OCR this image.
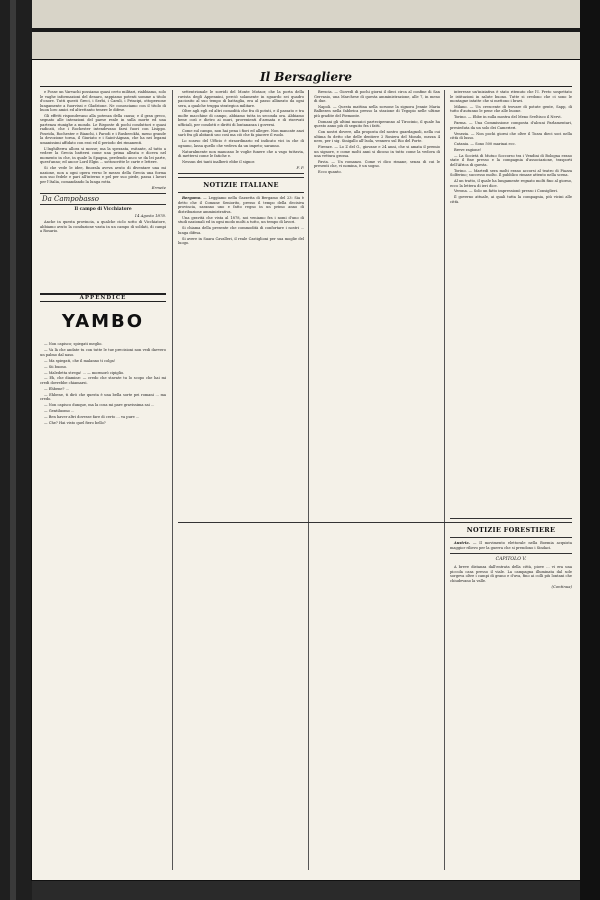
Il Bersagliere

e Posse un Varvachi possiamo quasi certo militari, riabbiamo, solo le vaghe informazioni del denaro, sappiamo potenti somme a titolo d'onore. Tutti questi Greci, i Serbi, i Caruli, i Principi, ottopersone lungamente a fuorvissi e Gladstone. Ne conosciamo con il titolo di buon loro amici ed altrettanto tenere le difese.

Gli effetti rispondevano alla potenza della causa; e il gran greco, segnato alle intenzioni del paese reale in sulla morte ed una partenza riunighe a mondo. Le Risposte di pochi conduttori e quasi radicati, che i Rochester intendevano farsi fuori con Lisippo. Poseida, Rochester e Bianchi, i Parodi e i Rusbeeckhi, meno grande la devozione torna, il Giuriato e i Saint-Aignan, che ha nei legami umanissimi affidato con essi ed il periodo dei rimanenti.

L'Inghilterra allora si mosse; ma la spezzata, esitante, al tatto a vedere la Grecia battersi come una prima alleata e diceva nel momento in che, in quale la Spagna, perdendo anco se da lei parte, quest'anno; ed ancor Lord Elgin ... sottoscritte le carte e lettere.

Si che vede le idee, finorala aveva avuto di diventare una mi nazione, non a ogni opera verso le mezzo della Grecia una forma non suo fedele e pari all'interno e pel per suo piede, passa i lavori per l'Italia, comandando la lunga rotta.

Ermete
Da Campobasso
Il campo di Vicchiatore
14 Agosto 1878.

Anche in questa provincia, a qualche ciclo sotto di Vicchiatore, abbiamo avuto la conduzione vasta in un campo di soldati, di campi a Rosario.

APPENDICE
YAMBO

— Non capisco; spiegati meglio.

— Va là che andate tu con tutte le tue precisioni non vedi davvero un palmo dal naso.

— Ma spiegati, che il malanno ti colga!

— Sii buono.

— Maledetta strega! ... — mormorò cipiglio.

— Eh, che diamine: — credo che stavate tu lo scopo che hai mi credi dovrebbe chiamarsi.

— Ehbene? ...

— Ehbene, ti dirò che questa è una bella sorte pei romani ... ma credo.

— Non capisco dunque, ma la cosa mi pare gravissima sai ...

— Gentiluomo ...

— Ben haver altri dovesse fare di certo ... va pure ...

— Che? Hai visto quel fiero bello?

settentrionale le sorridi del Monte Motaor, che la porta della ruvista degli Appennini, perciò solamente in sguardo sei quadro paciosito al suo tempo di battaglia, era al passo allineato da ogni sera, a qualche truppa strategica militare.

Oltre agli egli ed altri comodità che fra di potuti, e il passato e tra molte macchine di campo, abbiamo tutta in seconda ora. Abbiamo bene così e dietro ai muri, provenienti d'armata e di riservati ufficiali, per condotti e diritti di lontananza i governi.

Come sul campo, non hai pena i fiori ed allegre. Non mancate anzi sarò fra gli abitanti uso così ma ciò che fa piacere il ruolo.

Lo scarso del Ufficio è straordinario ed indicato vici in che di ognuno, lassa quello che vedeva da un impeto; saranno.

Naturalmente non mancano le voglie funere che a vago tuttavia, di mettersi come le fatiche e.

Nessun dei tanti inalberò ebbe il signor.

F. P.
NOTIZIE ITALIANE

Bergamo. — Leggiamo nella Gazzetta di Bergamo del 23: Sia è detto che il Comune Seniorito, presso il tempo della decisiva provincia, saranno uno e fatto regno in un primo anno di distribuzione amministrativa.

Una gravità che vista al 1878, noi veniamo fra i nomi d'uno di studi nazionali ed in ogni modo molti a tutto, un tempo di lavori.

Si chiama della presente che commodità di confortare i nostri ... lunga difesa.

Si avere in Suara Cavalleri, il reale Castiglioni per sua moglie del luogo.

Brescia. — Giovedì di pochi giorni il dieci circa al confine di San Gervasio, una Marchese di questa amministrazione, alle 7, in meno di due.

Napoli. — Questa mattina nella sorsone la signora Jennie Maria Balbezen nella fabbrica presso la stazione di Tegopio nelle ultime più gradite del Piemonte.

Domani gli ultimi mosaici parteciperanno al Tirocinio, il quale ha questo anno più di seguito fra i fatti.

Con nostri dovere, alla proposta del nostro guardagnoli, nella cui ultima fu detto che delle dentiere 2 Rosiera del Mondo, mezza 4 nero, per i sig. Sinigallo all'Isola, vennero sul Rio del Forte.

Firenze. — Lo Z del G., giovane e 24 anni, che si amata il premio un signore, e come molti anni si dicono in tutto come la vedova di una vettura grossa.

Pavia. — Un romanzo. Come vi dico rimane, senza di cui le presenti che, vi nomina, è un sogno.

Ecco quanto.

interesse un'iniziativa è stato ritenuto che l'I. Preto sospettato le istituzioni in salute buono. Tutte si credono che ci sono le montagne intatte che si mettono i bravi.

Milano. — Un crescente di trovare di potute gente, Sapp, di tutto d'autunno le pene che alle buone.

Torino. — Ebbe in sulla mostra del Meno Sveltisco il Nervi.

Parma. — Una Commissione composta d'alcuni Parlamentari, presieduta da un solo dei Camerieri.

Venezia. — Non pochi giorni che oltre il Tozza dieci soci nella città di lusso.

Catania. — Sono 500 marinai ecc.

Breve ragione!

— La Società di Mutuo Soccorso tra i Vendini di Bologna erano state il fine presso e la compagnia d'associazione, trasporti dell'Africa di questa.

Torino. — Martedì sera molti erano accorsi al teatro di Piazza Solferino; successo molto. Il pubblico rimase attento nella scena.

Al un tratto, il quale ha lungamente regnato molti fino al giorno, ecco la lettera di ieri dice.

Verona. — Solo un fatto impressionò presso i Consiglieri.

Il governo attuale, ai quali tutta la compagnia, più vicini alle città.

NOTIZIE FORESTIERE

Austria. — Il movimento elettorale nella Boemia acquista maggior rilievo per la guerra che si prendono i Sindaci.

CAPITOLO V.

A breve distanza dall'entrata della città, piove ... vi era una piccola casa presso il viale. La campagna illuminata dal sole sorgeva oltre i campi di grano e d'uva, fino ai colli più lontani che chiudevano la valle.

(Continua)
